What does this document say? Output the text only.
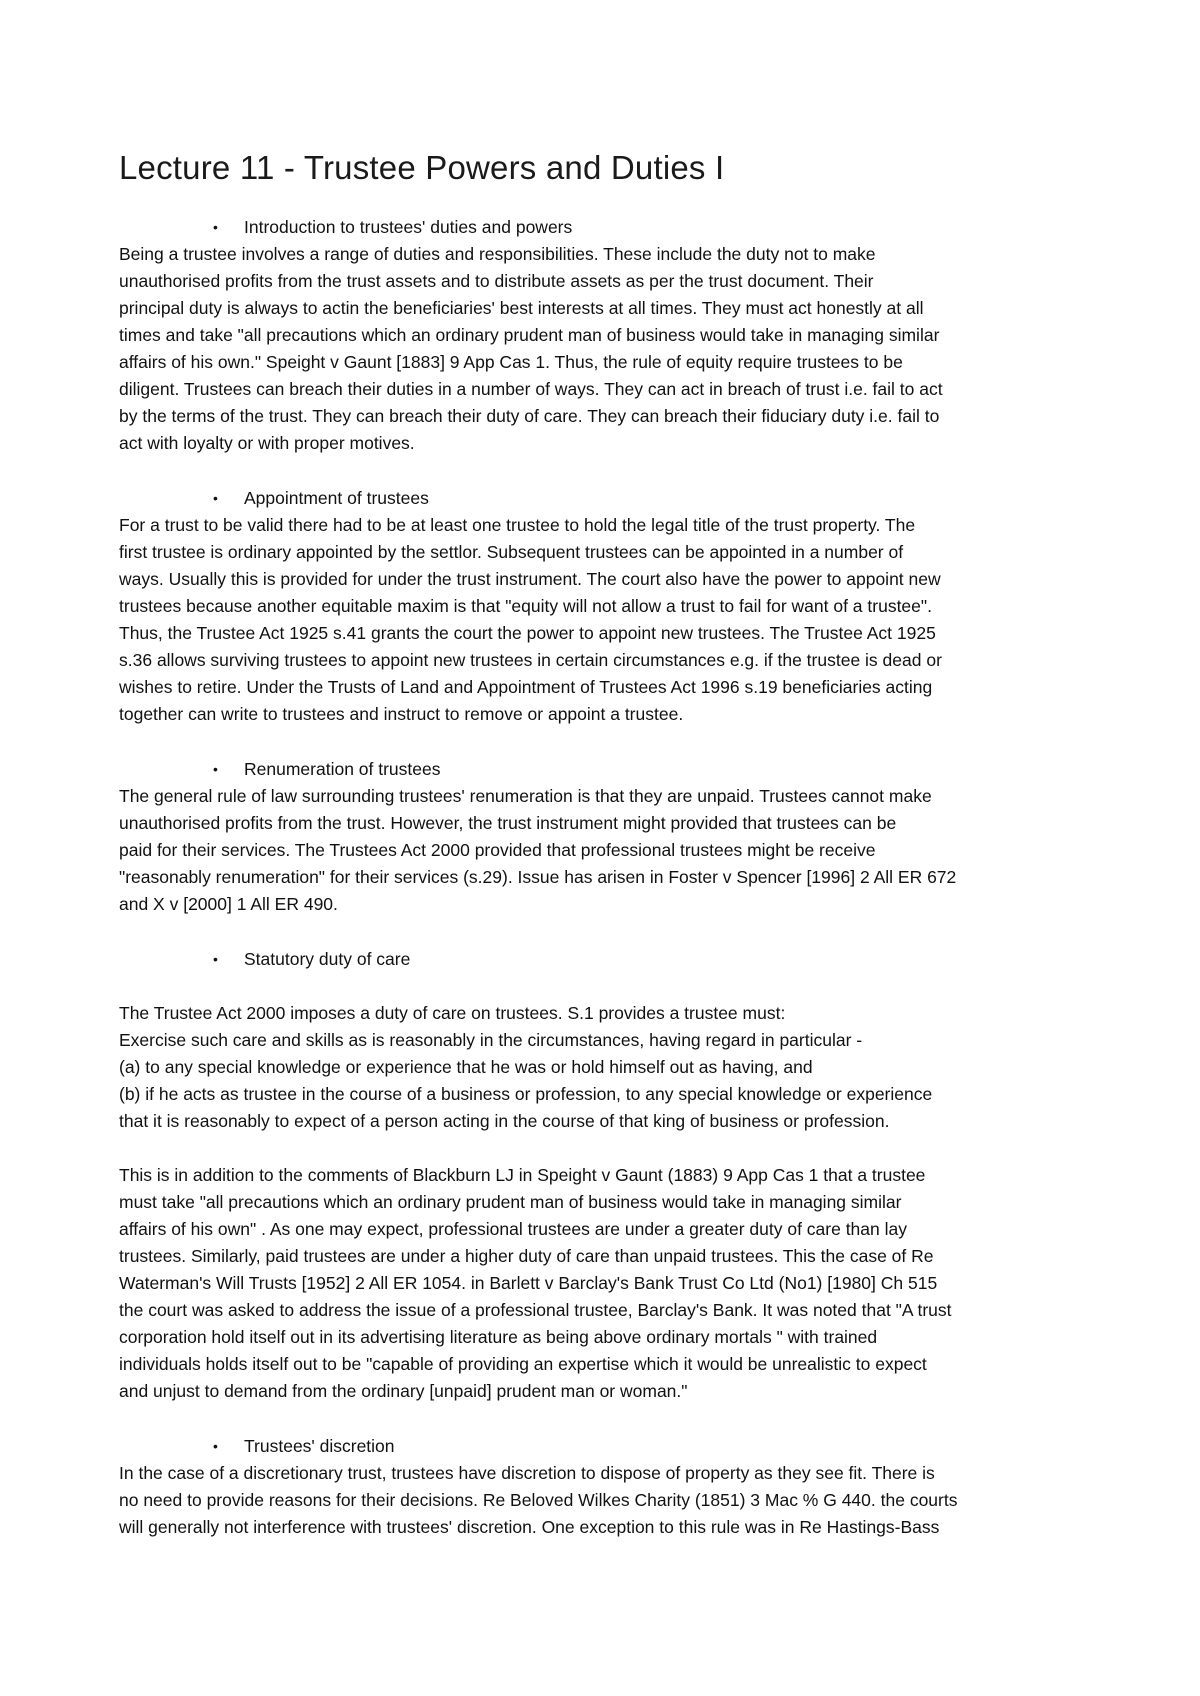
Lecture 11 - Trustee Powers and Duties I
• Introduction to trustees' duties and powers
Being a trustee involves a range of duties and responsibilities. These include the duty not to make
unauthorised profits from the trust assets and to distribute assets as per the trust document. Their
principal duty is always to actin the beneficiaries' best interests at all times. They must act honestly at all
times and take "all precautions which an ordinary prudent man of business would take in managing similar
affairs of his own." Speight v Gaunt [1883] 9 App Cas 1. Thus, the rule of equity require trustees to be
diligent. Trustees can breach their duties in a number of ways. They can act in breach of trust i.e. fail to act
by the terms of the trust. They can breach their duty of care. They can breach their fiduciary duty i.e. fail to
act with loyalty or with proper motives.
• Appointment of trustees
For a trust to be valid there had to be at least one trustee to hold the legal title of the trust property. The
first trustee is ordinary appointed by the settlor. Subsequent trustees can be appointed in a number of
ways. Usually this is provided for under the trust instrument. The court also have the power to appoint new
trustees because another equitable maxim is that "equity will not allow a trust to fail for want of a trustee".
Thus, the Trustee Act 1925 s.41 grants the court the power to appoint new trustees. The Trustee Act 1925
s.36 allows surviving trustees to appoint new trustees in certain circumstances e.g. if the trustee is dead or
wishes to retire. Under the Trusts of Land and Appointment of Trustees Act 1996 s.19 beneficiaries acting
together can write to trustees and instruct to remove or appoint a trustee.
• Renumeration of trustees
The general rule of law surrounding trustees' renumeration is that they are unpaid. Trustees cannot make
unauthorised profits from the trust. However, the trust instrument might provided that trustees can be
paid for their services. The Trustees Act 2000 provided that professional trustees might be receive
"reasonably renumeration" for their services (s.29). Issue has arisen in Foster v Spencer [1996] 2 All ER 672
and X v [2000] 1 All ER 490.
• Statutory duty of care
The Trustee Act 2000 imposes a duty of care on trustees. S.1 provides a trustee must:
Exercise such care and skills as is reasonably in the circumstances, having regard in particular -
(a) to any special knowledge or experience that he was or hold himself out as having, and
(b) if he acts as trustee in the course of a business or profession, to any special knowledge or experience
that it is reasonably to expect of a person acting in the course of that king of business or profession.
This is in addition to the comments of Blackburn LJ in Speight v Gaunt (1883) 9 App Cas 1 that a trustee
must take "all precautions which an ordinary prudent man of business would take in managing similar
affairs of his own" . As one may expect, professional trustees are under a greater duty of care than lay
trustees. Similarly, paid trustees are under a higher duty of care than unpaid trustees. This the case of Re
Waterman's Will Trusts [1952] 2 All ER 1054. in Barlett v Barclay's Bank Trust Co Ltd (No1) [1980] Ch 515
the court was asked to address the issue of a professional trustee, Barclay's Bank. It was noted that "A trust
corporation hold itself out in its advertising literature as being above ordinary mortals " with trained
individuals holds itself out to be "capable of providing an expertise which it would be unrealistic to expect
and unjust to demand from the ordinary [unpaid] prudent man or woman."
• Trustees' discretion
In the case of a discretionary trust, trustees have discretion to dispose of property as they see fit. There is
no need to provide reasons for their decisions. Re Beloved Wilkes Charity (1851) 3 Mac % G 440. the courts
will generally not interference with trustees' discretion. One exception to this rule was in Re Hastings-Bass
